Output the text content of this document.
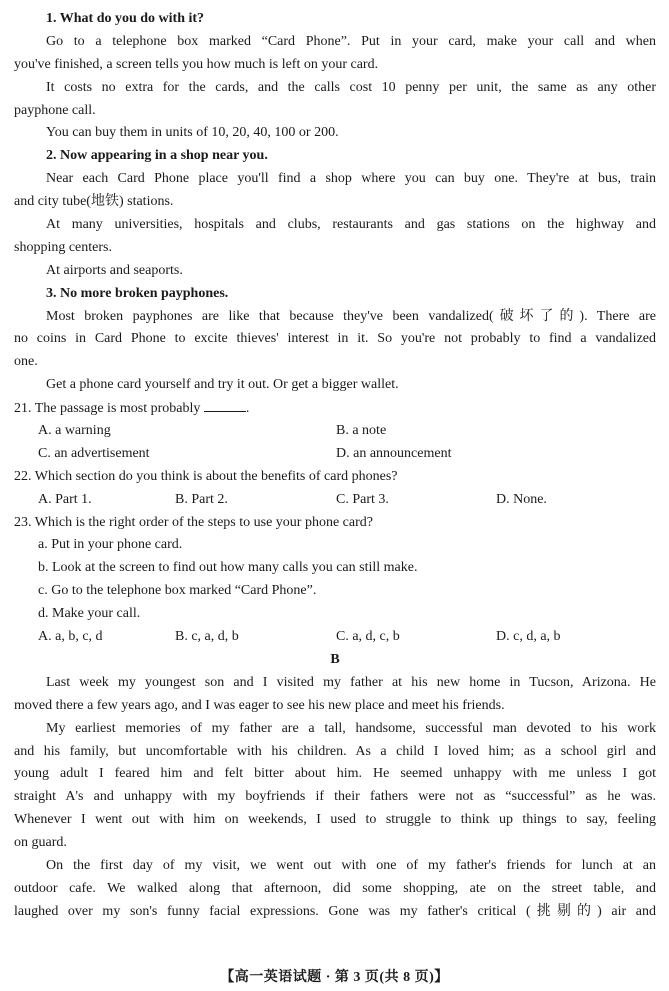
1. What do you do with it?
Go to a telephone box marked “Card Phone”. Put in your card, make your call and when
you've finished, a screen tells you how much is left on your card.
It costs no extra for the cards, and the calls cost 10 penny per unit, the same as any other
payphone call.
You can buy them in units of 10, 20, 40, 100 or 200.
2. Now appearing in a shop near you.
Near each Card Phone place you'll find a shop where you can buy one. They're at bus, train
and city tube(地铁) stations.
At many universities, hospitals and clubs, restaurants and gas stations on the highway and
shopping centers.
At airports and seaports.
3. No more broken payphones.
Most broken payphones are like that because they've been vandalized(破坏了的). There are
no coins in Card Phone to excite thieves' interest in it. So you're not probably to find a vandalized
one.
Get a phone card yourself and try it out. Or get a bigger wallet.
21. The passage is most probably	.
A. a warning	B. a note
C. an advertisement	D. an announcement
22. Which section do you think is about the benefits of card phones?
A. Part 1.	B. Part 2.	C. Part 3.	D. None.
23. Which is the right order of the steps to use your phone card?
a. Put in your phone card.
b. Look at the screen to find out how many calls you can still make.
c. Go to the telephone box marked “Card Phone”.
d. Make your call.
A. a, b, c, d	B. c, a, d, b	C. a, d, c, b	D. c, d, a, b
B
Last week my youngest son and I visited my father at his new home in Tucson, Arizona. He
moved there a few years ago, and I was eager to see his new place and meet his friends.
My earliest memories of my father are a tall, handsome, successful man devoted to his work
and his family, but uncomfortable with his children. As a child I loved him; as a school girl and
young adult I feared him and felt bitter about him. He seemed unhappy with me unless I got
straight A's and unhappy with my boyfriends if their fathers were not as “successful” as he was.
Whenever I went out with him on weekends, I used to struggle to think up things to say, feeling
on guard.
On the first day of my visit, we went out with one of my father's friends for lunch at an
outdoor cafe. We walked along that afternoon, did some shopping, ate on the street table, and
laughed over my son's funny facial expressions. Gone was my father's critical (挑剔的) air and
【高一英语试题 · 第 3 页(共 8 页)】
